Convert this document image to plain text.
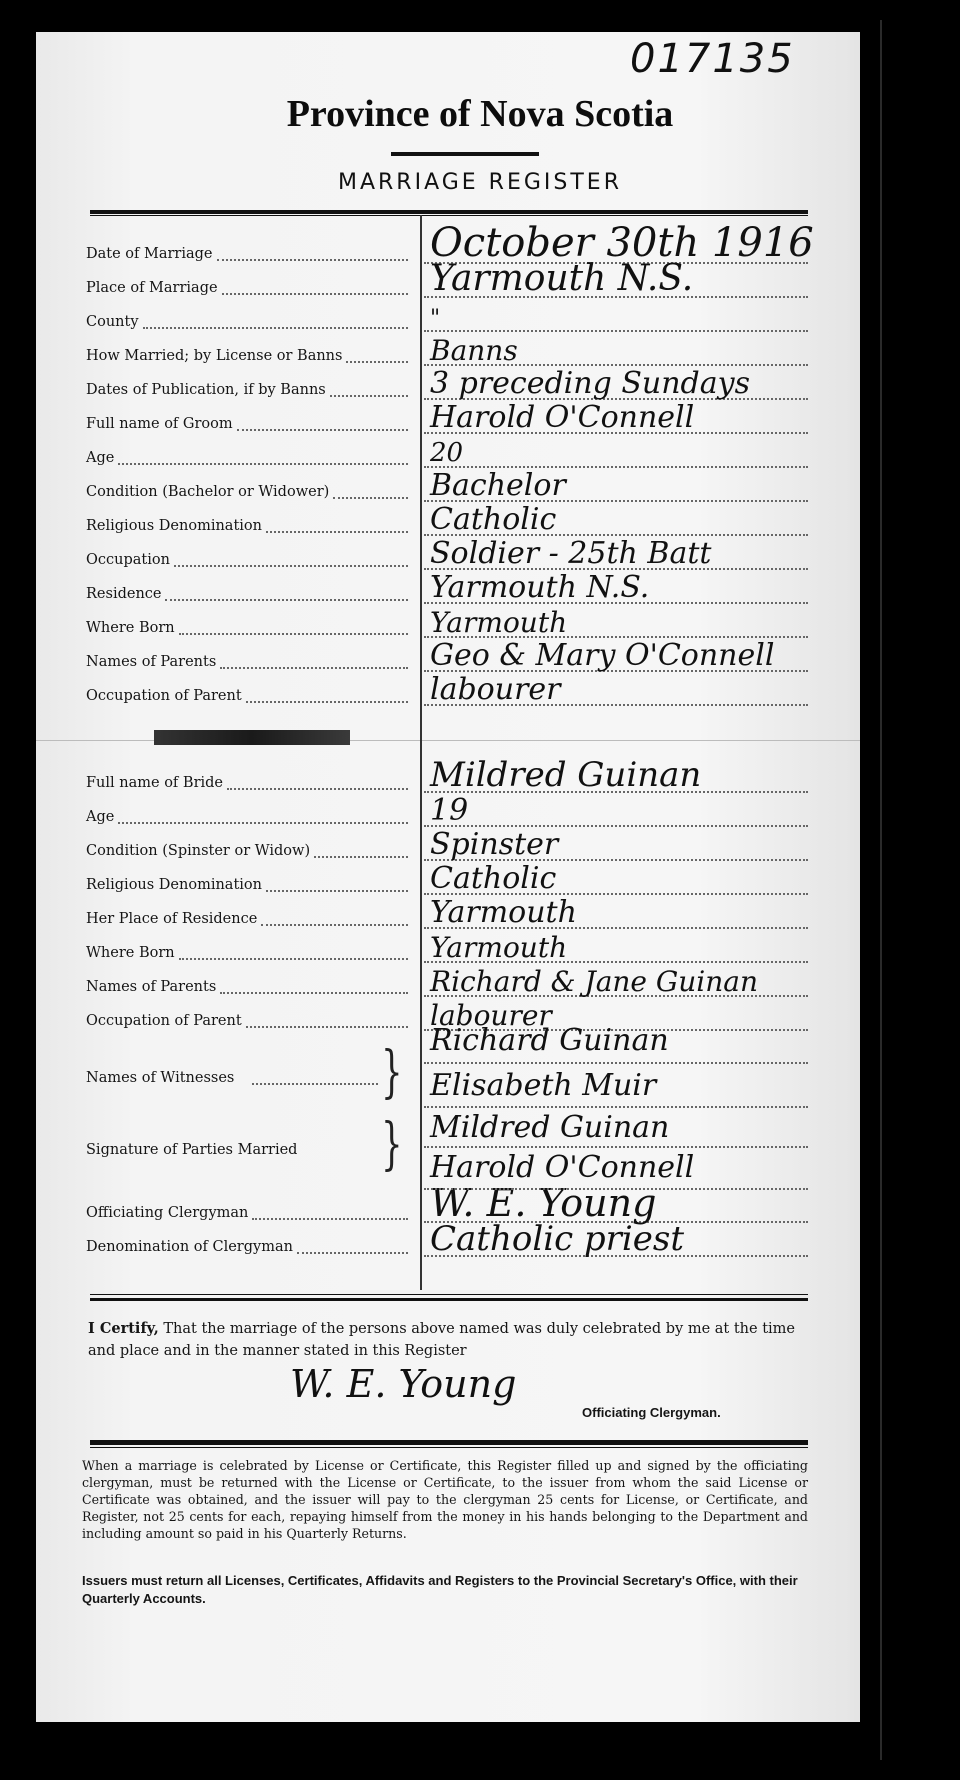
017135
Province of Nova Scotia
MARRIAGE REGISTER
Date of Marriage	October 30th 1916
Place of Marriage	Yarmouth N.S.
County	"
How Married; by License or Banns	Banns
Dates of Publication, if by Banns	3 preceding Sundays
Full name of Groom	Harold O'Connell
Age	20
Condition (Bachelor or Widower)	Bachelor
Religious Denomination	Catholic
Occupation	Soldier - 25th Batt
Residence	Yarmouth N.S.
Where Born	Yarmouth
Names of Parents	Geo & Mary O'Connell
Occupation of Parent	labourer
Full name of Bride	Mildred Guinan
Age	19
Condition (Spinster or Widow)	Spinster
Religious Denomination	Catholic
Her Place of Residence	Yarmouth
Where Born	Yarmouth
Names of Parents	Richard & Jane Guinan
Occupation of Parent	labourer
Officiating Clergyman	W. E. Young
Denomination of Clergyman	Catholic priest
Names of Witnesses	} Richard Guinan
Elisabeth Muir
Signature of Parties Married } Mildred Guinan
Harold O'Connell
I Certify, That the marriage of the persons above named was duly celebrated by me at the time and place and in the manner stated in this Register
W. E. Young
Officiating Clergyman.
When a marriage is celebrated by License or Certificate, this Register filled up and signed by the officiating clergyman, must be returned with the License or Certificate, to the issuer from whom the said License or Certificate was obtained, and the issuer will pay to the clergyman 25 cents for License, or Certificate, and Register, not 25 cents for each, repaying himself from the money in his hands belonging to the Department and including amount so paid in his Quarterly Returns.
Issuers must return all Licenses, Certificates, Affidavits and Registers to the Provincial Secretary's Office, with their Quarterly Accounts.
